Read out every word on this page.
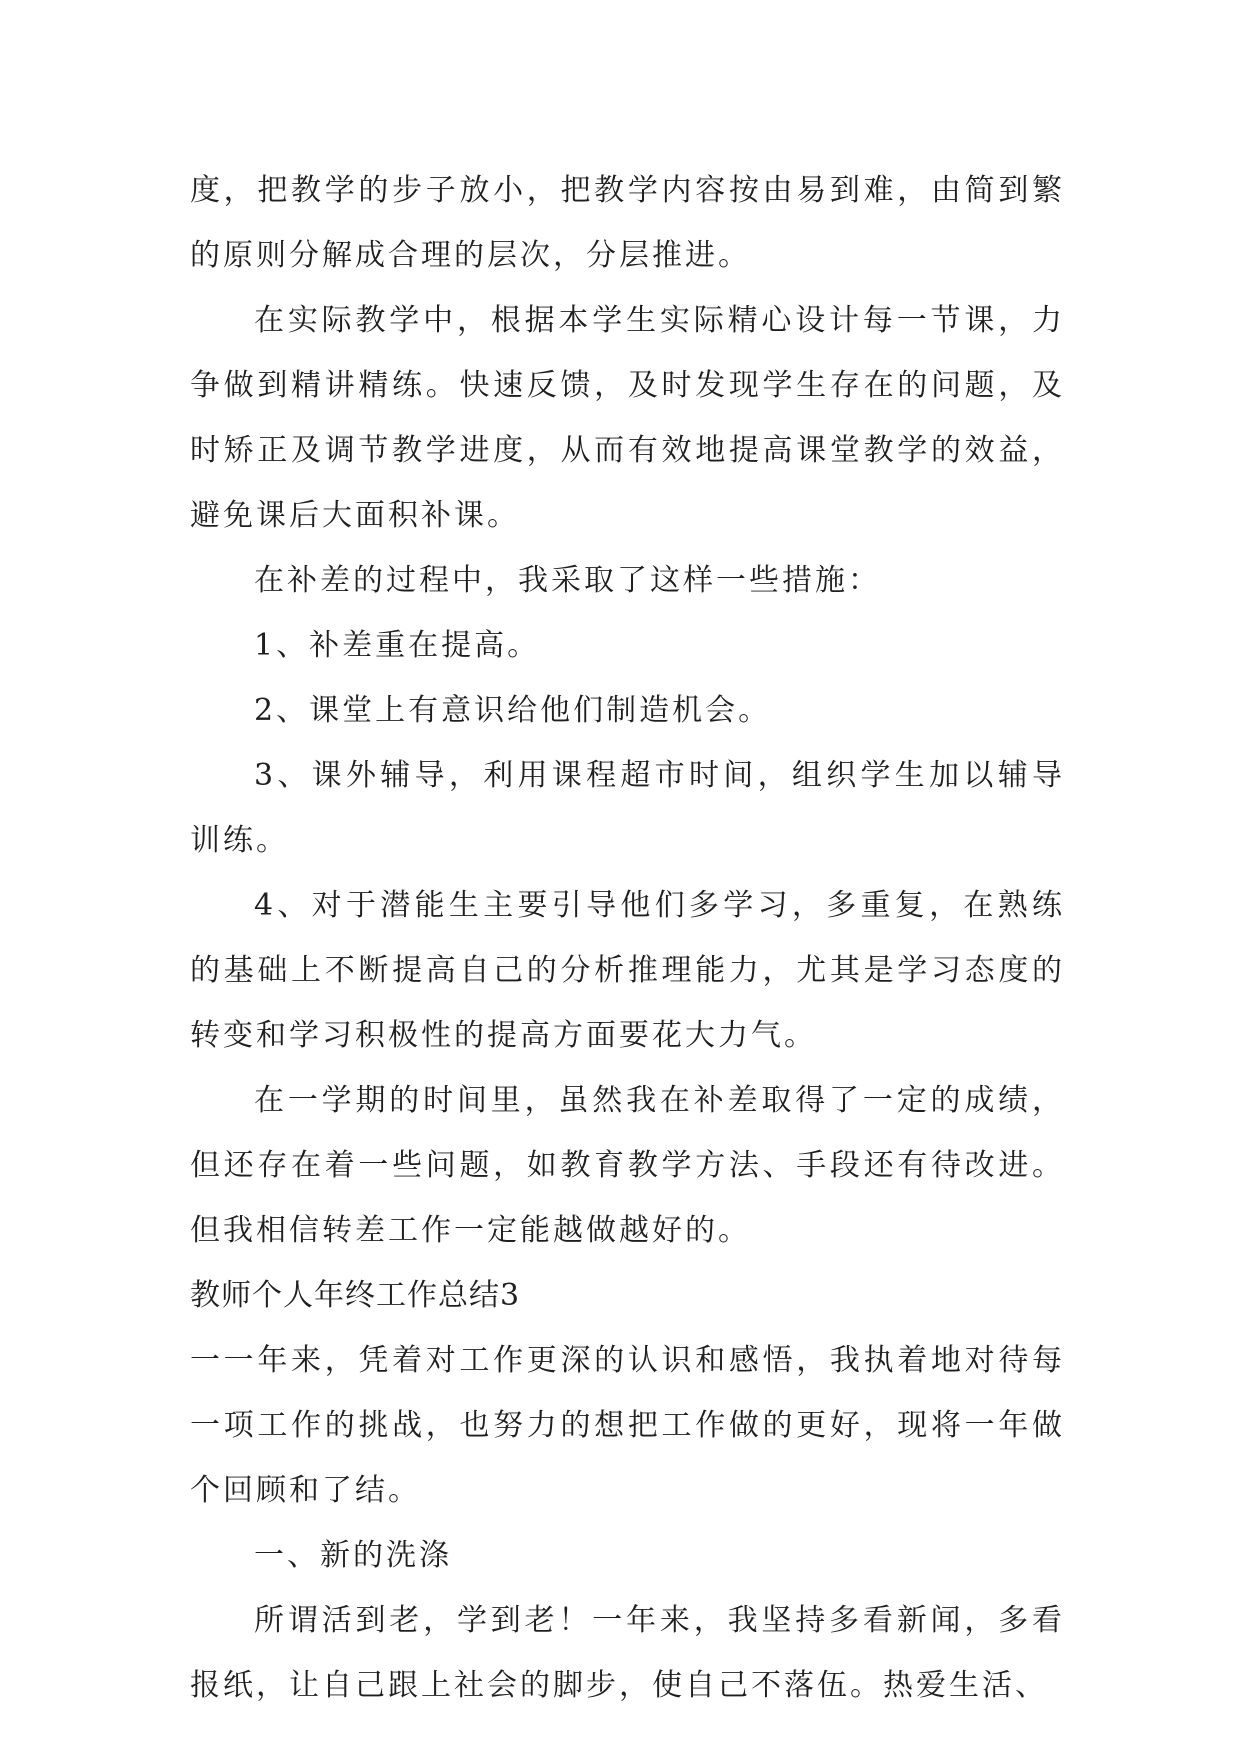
度，把教学的步子放小，把教学内容按由易到难，由简到繁的原则分解成合理的层次，分层推进。

在实际教学中，根据本学生实际精心设计每一节课，力争做到精讲精练。快速反馈，及时发现学生存在的问题，及时矫正及调节教学进度，从而有效地提高课堂教学的效益，避免课后大面积补课。

在补差的过程中，我采取了这样一些措施：

1、补差重在提高。

2、课堂上有意识给他们制造机会。

3、课外辅导，利用课程超市时间，组织学生加以辅导训练。

4、对于潜能生主要引导他们多学习，多重复，在熟练的基础上不断提高自己的分析推理能力，尤其是学习态度的转变和学习积极性的提高方面要花大力气。

在一学期的时间里，虽然我在补差取得了一定的成绩，但还存在着一些问题，如教育教学方法、手段还有待改进。但我相信转差工作一定能越做越好的。

教师个人年终工作总结3

一一年来，凭着对工作更深的认识和感悟，我执着地对待每一项工作的挑战，也努力的想把工作做的更好，现将一年做个回顾和了结。

一、新的洗涤

所谓活到老，学到老！一年来，我坚持多看新闻，多看报纸，让自己跟上社会的脚步，使自己不落伍。热爱生活、
